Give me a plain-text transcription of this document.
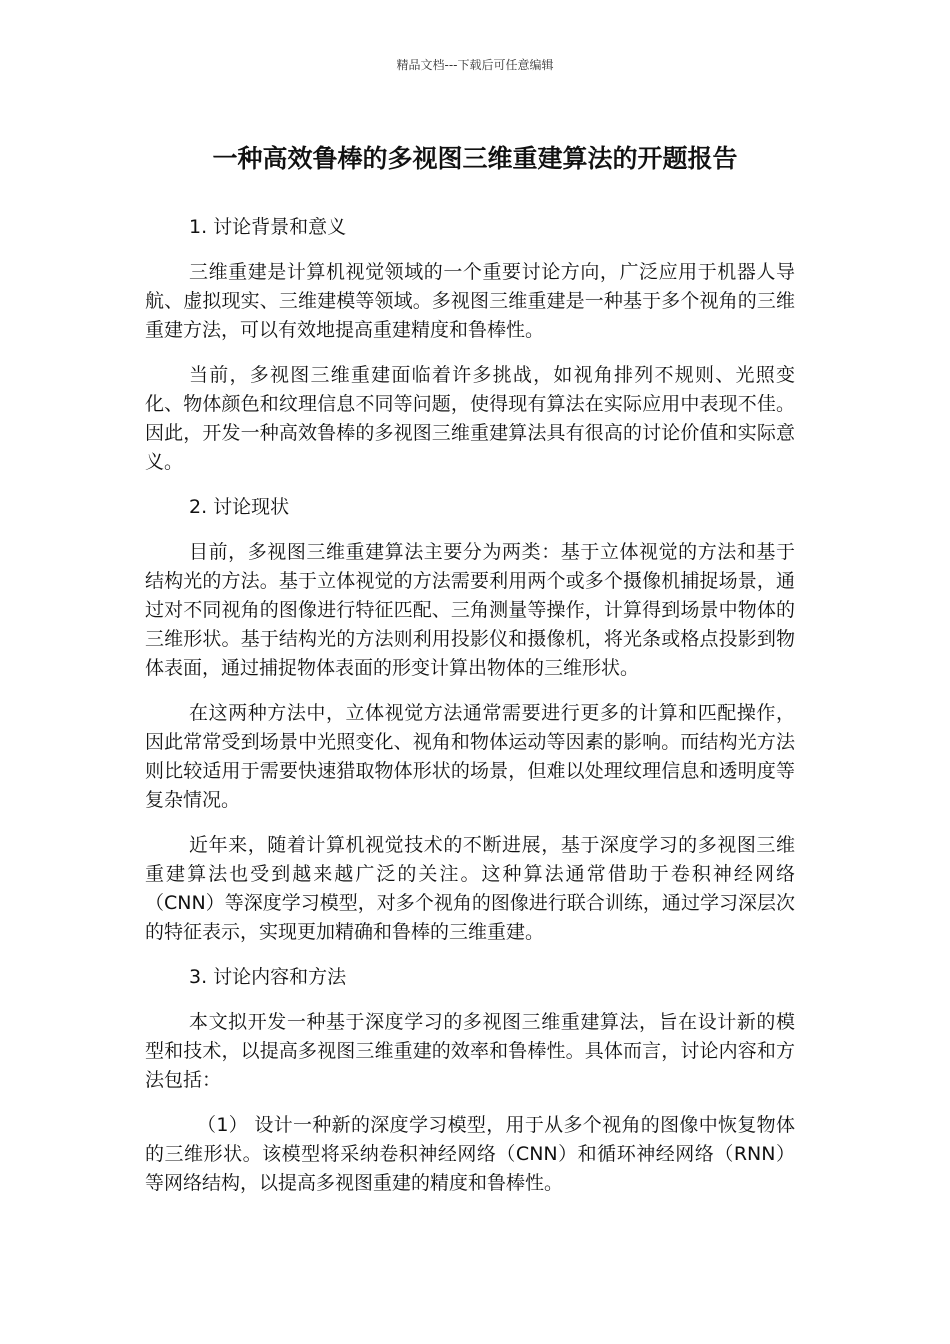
精品文档---下载后可任意编辑
一种高效鲁棒的多视图三维重建算法的开题报告
1. 讨论背景和意义
三维重建是计算机视觉领域的一个重要讨论方向，广泛应用于机器人导航、虚拟现实、三维建模等领域。多视图三维重建是一种基于多个视角的三维重建方法，可以有效地提高重建精度和鲁棒性。
当前，多视图三维重建面临着许多挑战，如视角排列不规则、光照变化、物体颜色和纹理信息不同等问题，使得现有算法在实际应用中表现不佳。因此，开发一种高效鲁棒的多视图三维重建算法具有很高的讨论价值和实际意义。
2. 讨论现状
目前，多视图三维重建算法主要分为两类：基于立体视觉的方法和基于结构光的方法。基于立体视觉的方法需要利用两个或多个摄像机捕捉场景，通过对不同视角的图像进行特征匹配、三角测量等操作，计算得到场景中物体的三维形状。基于结构光的方法则利用投影仪和摄像机，将光条或格点投影到物体表面，通过捕捉物体表面的形变计算出物体的三维形状。
在这两种方法中，立体视觉方法通常需要进行更多的计算和匹配操作，因此常常受到场景中光照变化、视角和物体运动等因素的影响。而结构光方法则比较适用于需要快速猎取物体形状的场景，但难以处理纹理信息和透明度等复杂情况。
近年来，随着计算机视觉技术的不断进展，基于深度学习的多视图三维重建算法也受到越来越广泛的关注。这种算法通常借助于卷积神经网络（CNN）等深度学习模型，对多个视角的图像进行联合训练，通过学习深层次的特征表示，实现更加精确和鲁棒的三维重建。
3. 讨论内容和方法
本文拟开发一种基于深度学习的多视图三维重建算法，旨在设计新的模型和技术，以提高多视图三维重建的效率和鲁棒性。具体而言，讨论内容和方法包括：
（1） 设计一种新的深度学习模型，用于从多个视角的图像中恢复物体的三维形状。该模型将采纳卷积神经网络（CNN）和循环神经网络（RNN）等网络结构，以提高多视图重建的精度和鲁棒性。
